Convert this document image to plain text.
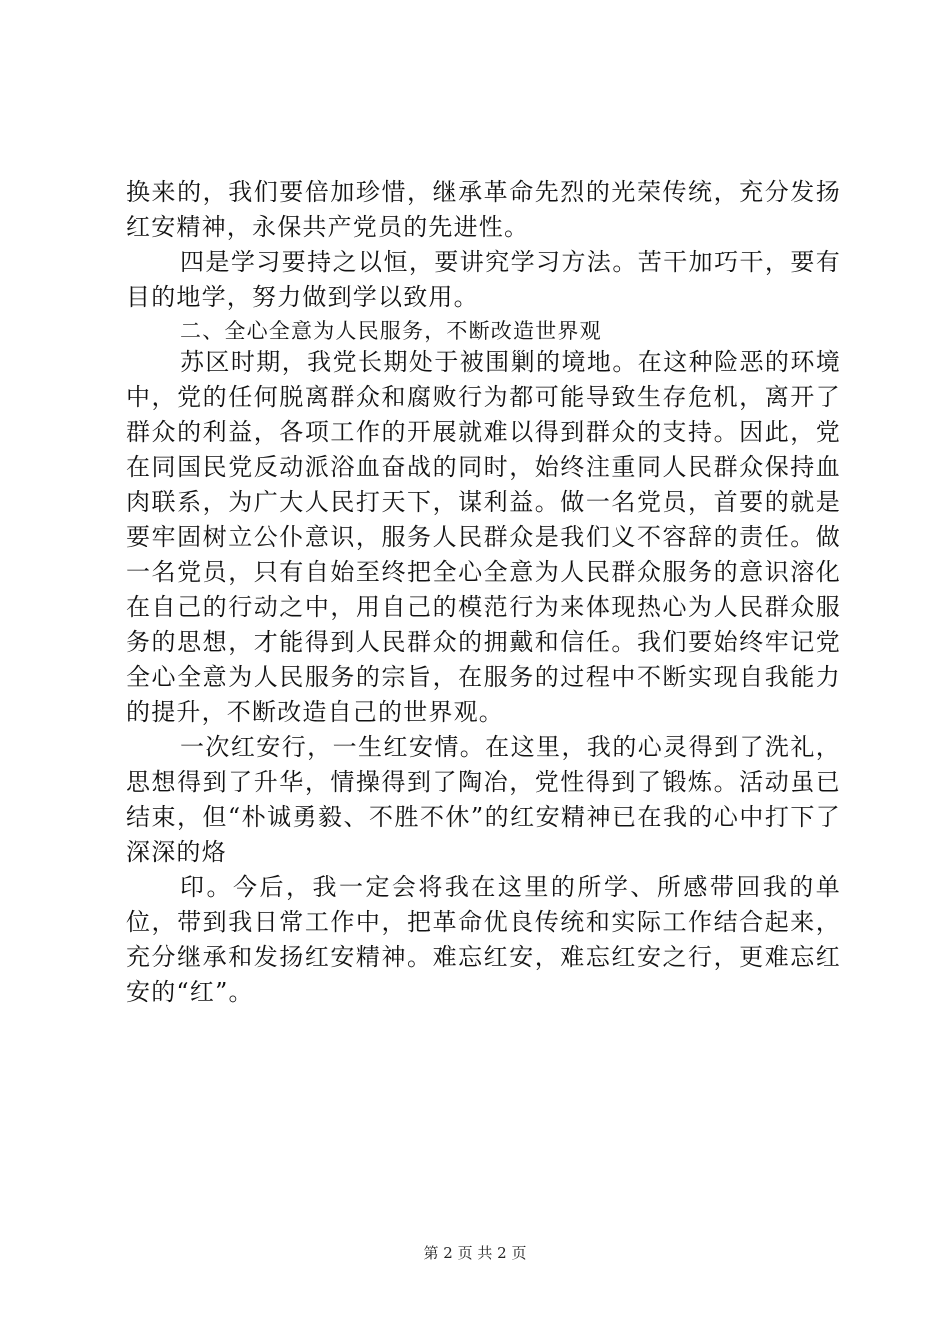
换来的，我们要倍加珍惜，继承革命先烈的光荣传统，充分发扬红安精神，永保共产党员的先进性。

四是学习要持之以恒，要讲究学习方法。苦干加巧干，要有目的地学，努力做到学以致用。

二、全心全意为人民服务，不断改造世界观

苏区时期，我党长期处于被围剿的境地。在这种险恶的环境中，党的任何脱离群众和腐败行为都可能导致生存危机，离开了群众的利益，各项工作的开展就难以得到群众的支持。因此，党在同国民党反动派浴血奋战的同时，始终注重同人民群众保持血肉联系，为广大人民打天下，谋利益。做一名党员，首要的就是要牢固树立公仆意识，服务人民群众是我们义不容辞的责任。做一名党员，只有自始至终把全心全意为人民群众服务的意识溶化在自己的行动之中，用自己的模范行为来体现热心为人民群众服务的思想，才能得到人民群众的拥戴和信任。我们要始终牢记党全心全意为人民服务的宗旨，在服务的过程中不断实现自我能力的提升，不断改造自己的世界观。

一次红安行，一生红安情。在这里，我的心灵得到了洗礼，思想得到了升华，情操得到了陶冶，党性得到了锻炼。活动虽已结束，但“朴诚勇毅、不胜不休”的红安精神已在我的心中打下了深深的烙

印。今后，我一定会将我在这里的所学、所感带回我的单位，带到我日常工作中，把革命优良传统和实际工作结合起来，充分继承和发扬红安精神。难忘红安，难忘红安之行，更难忘红安的“红”。

第 2 页 共 2 页
